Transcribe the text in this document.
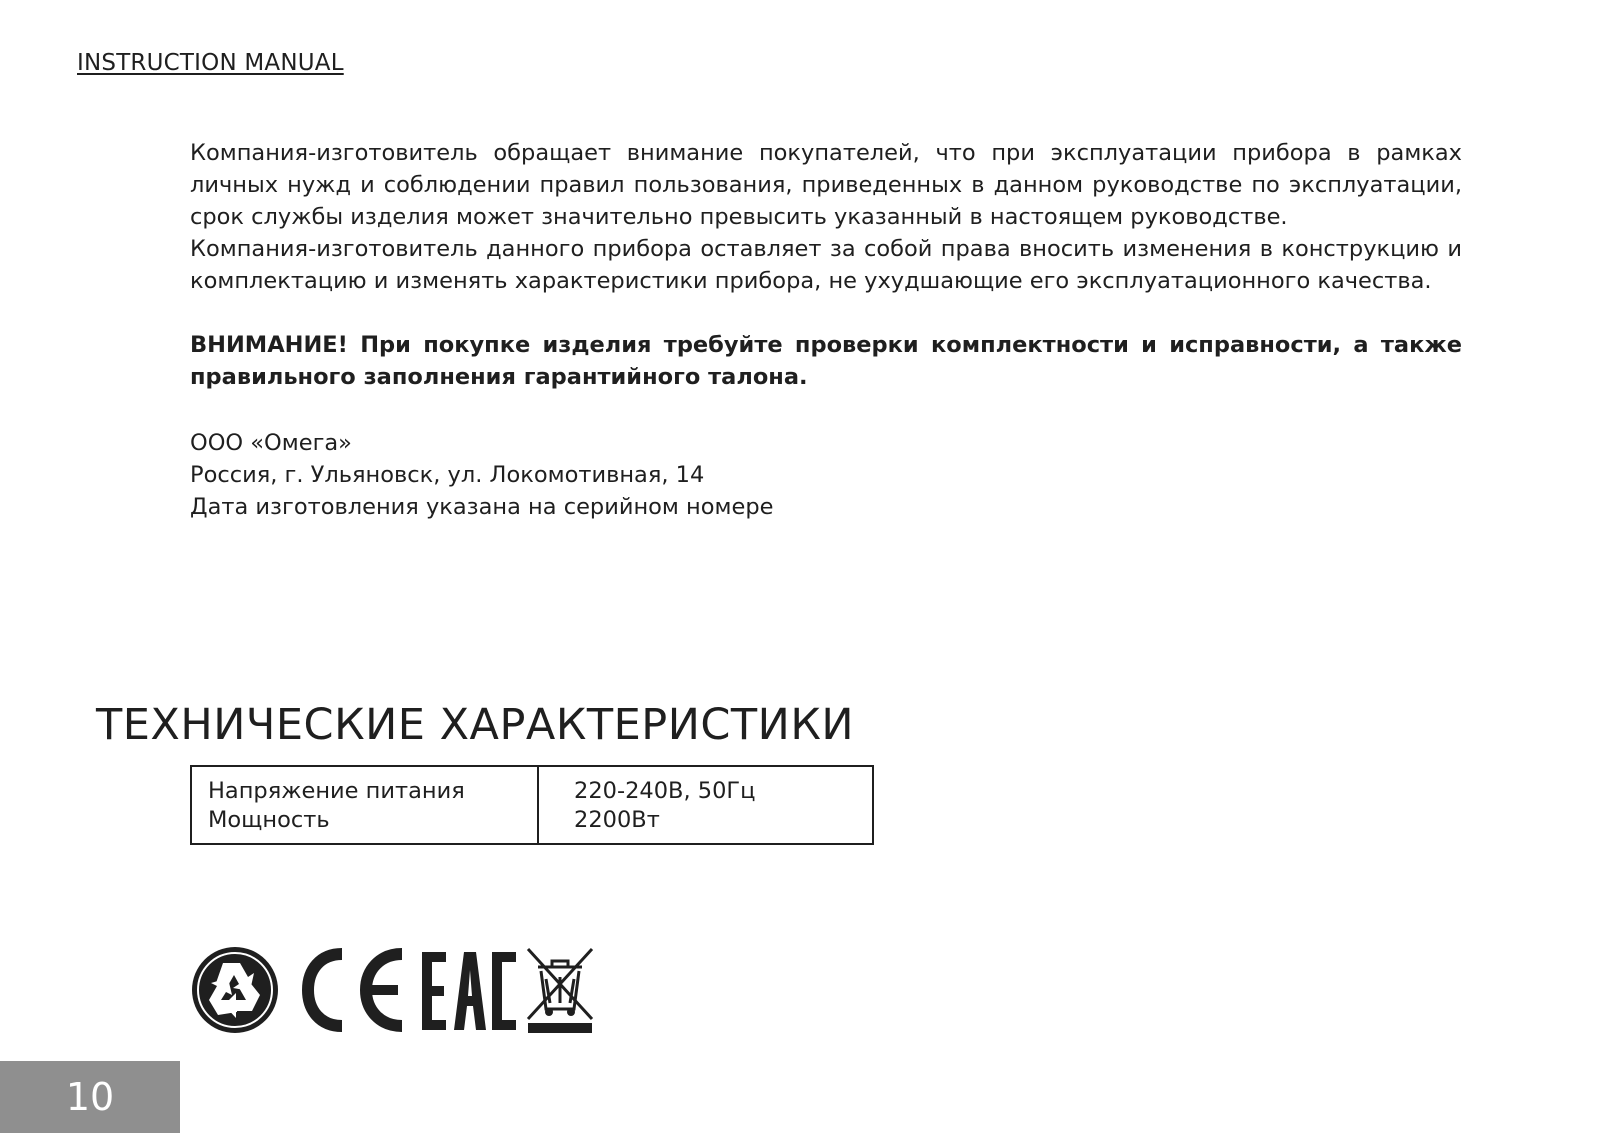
INSTRUCTION MANUAL

Компания-изготовитель обращает внимание покупателей, что при эксплуатации прибора в рамках личных нужд и соблюдении правил пользования, приведенных в данном руководстве по эксплуатации, срок службы изделия может значительно превысить указанный в настоящем руководстве.

Компания-изготовитель данного прибора оставляет за собой права вносить изменения в конструкцию и комплектацию и изменять характеристики прибора, не ухудшающие его эксплуатационного качества.

ВНИМАНИЕ! При покупке изделия требуйте проверки комплектности и исправности, а также правильного заполнения гарантийного талона.

ООО «Омега»
Россия, г. Ульяновск, ул. Локомотивная, 14
Дата изготовления указана на серийном номере
ТЕХНИЧЕСКИЕ ХАРАКТЕРИСТИКИ
Напряжение питания
Мощность
220-240В, 50Гц
2200Вт
10
